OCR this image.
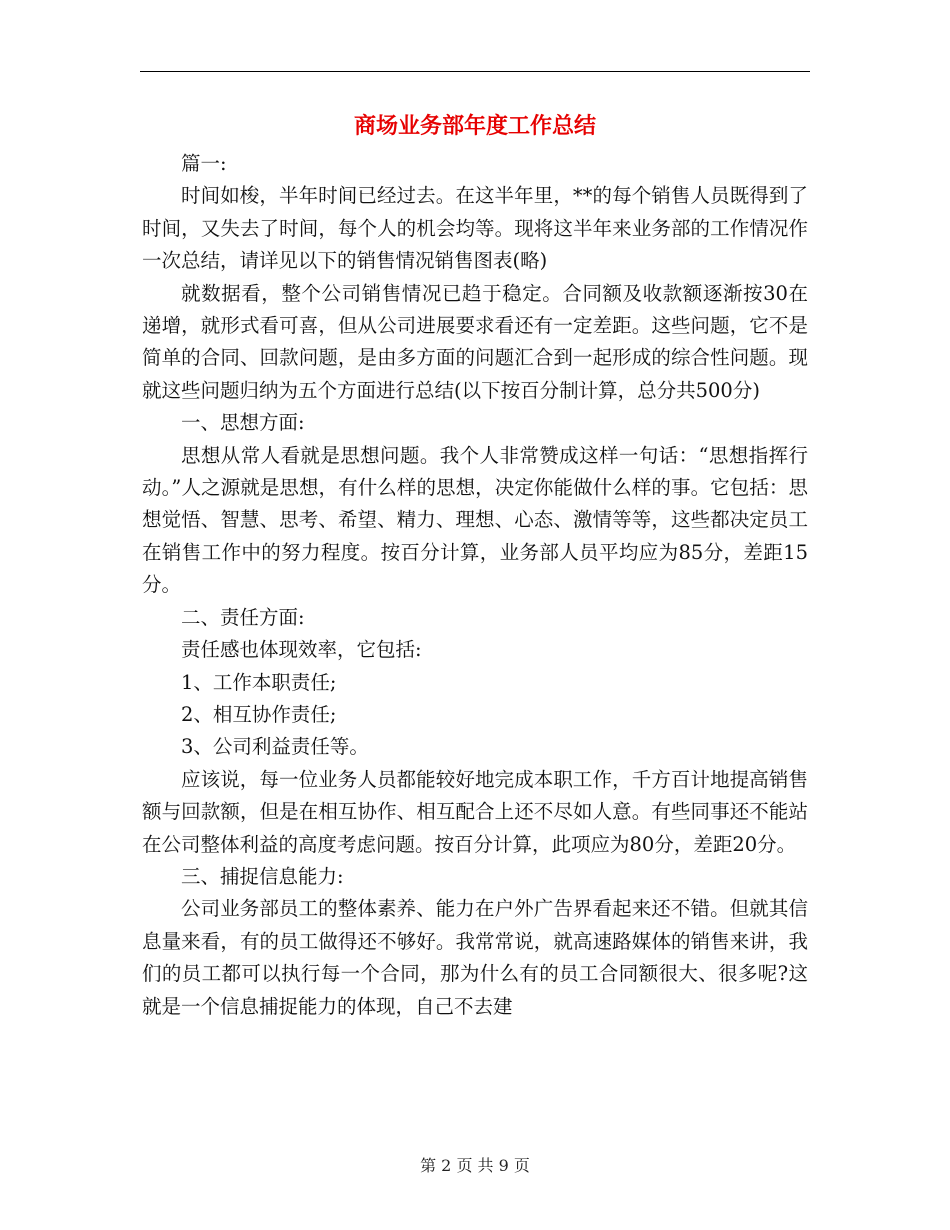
商场业务部年度工作总结

篇一:

时间如梭，半年时间已经过去。在这半年里，**的每个销售人员既得到了时间，又失去了时间，每个人的机会均等。现将这半年来业务部的工作情况作一次总结，请详见以下的销售情况销售图表(略)

就数据看，整个公司销售情况已趋于稳定。合同额及收款额逐渐按30在递增，就形式看可喜，但从公司进展要求看还有一定差距。这些问题，它不是简单的合同、回款问题，是由多方面的问题汇合到一起形成的综合性问题。现就这些问题归纳为五个方面进行总结(以下按百分制计算，总分共500分)

一、思想方面:

思想从常人看就是思想问题。我个人非常赞成这样一句话：“思想指挥行动。”人之源就是思想，有什么样的思想，决定你能做什么样的事。它包括：思想觉悟、智慧、思考、希望、精力、理想、心态、激情等等，这些都决定员工在销售工作中的努力程度。按百分计算，业务部人员平均应为85分，差距15分。

二、责任方面:

责任感也体现效率，它包括:

1、工作本职责任;

2、相互协作责任;

3、公司利益责任等。

应该说，每一位业务人员都能较好地完成本职工作，千方百计地提高销售额与回款额，但是在相互协作、相互配合上还不尽如人意。有些同事还不能站在公司整体利益的高度考虑问题。按百分计算，此项应为80分，差距20分。

三、捕捉信息能力:

公司业务部员工的整体素养、能力在户外广告界看起来还不错。但就其信息量来看，有的员工做得还不够好。我常常说，就高速路媒体的销售来讲，我们的员工都可以执行每一个合同，那为什么有的员工合同额很大、很多呢?这就是一个信息捕捉能力的体现，自己不去建

第 2 页 共 9 页
